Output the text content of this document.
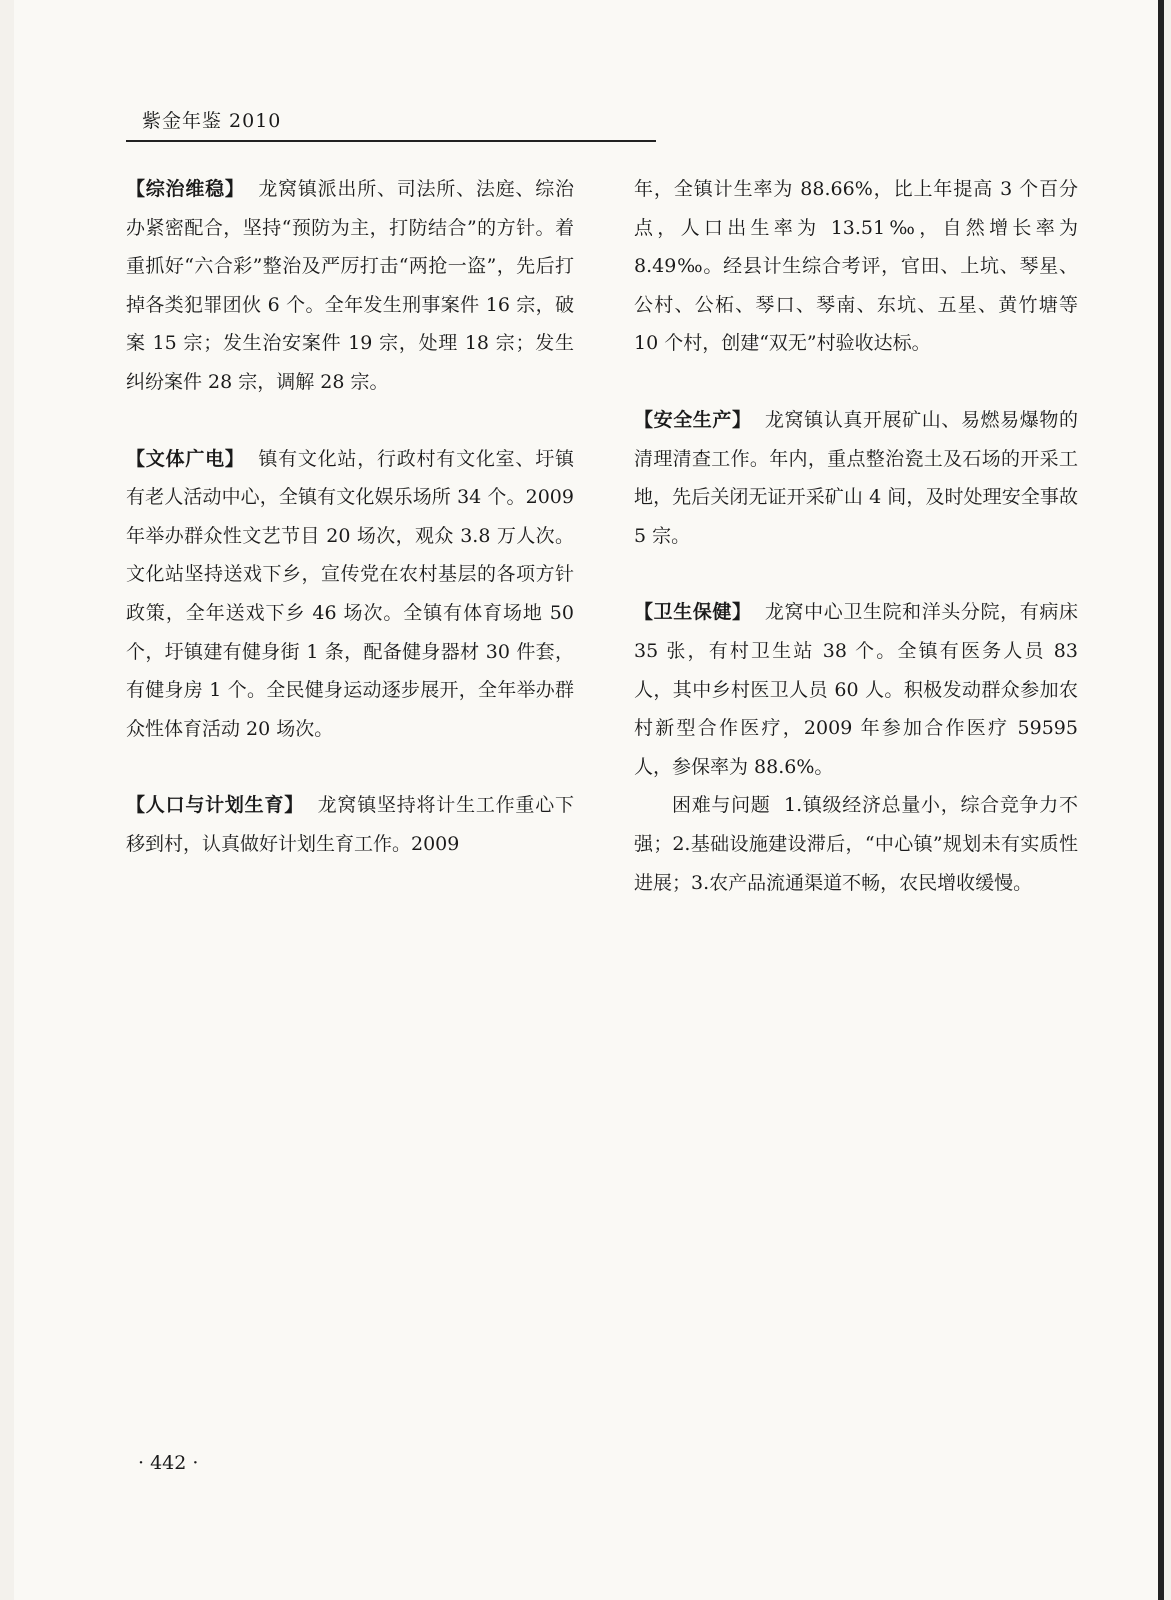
紫金年鉴 2010

【综治维稳】 龙窝镇派出所、司法所、法庭、综治办紧密配合，坚持“预防为主，打防结合”的方针。着重抓好“六合彩”整治及严厉打击“两抢一盗”，先后打掉各类犯罪团伙 6 个。全年发生刑事案件 16 宗，破案 15 宗；发生治安案件 19 宗，处理 18 宗；发生纠纷案件 28 宗，调解 28 宗。

【文体广电】 镇有文化站，行政村有文化室、圩镇有老人活动中心，全镇有文化娱乐场所 34 个。2009 年举办群众性文艺节目 20 场次，观众 3.8 万人次。文化站坚持送戏下乡，宣传党在农村基层的各项方针政策，全年送戏下乡 46 场次。全镇有体育场地 50 个，圩镇建有健身街 1 条，配备健身器材 30 件套，有健身房 1 个。全民健身运动逐步展开，全年举办群众性体育活动 20 场次。

【人口与计划生育】 龙窝镇坚持将计生工作重心下移到村，认真做好计划生育工作。2009

年，全镇计生率为 88.66%，比上年提高 3 个百分点，人口出生率为 13.51‰，自然增长率为 8.49‰。经县计生综合考评，官田、上坑、琴星、公村、公柘、琴口、琴南、东坑、五星、黄竹塘等 10 个村，创建“双无”村验收达标。

【安全生产】 龙窝镇认真开展矿山、易燃易爆物的清理清查工作。年内，重点整治瓷土及石场的开采工地，先后关闭无证开采矿山 4 间，及时处理安全事故 5 宗。

【卫生保健】 龙窝中心卫生院和洋头分院，有病床 35 张，有村卫生站 38 个。全镇有医务人员 83 人，其中乡村医卫人员 60 人。积极发动群众参加农村新型合作医疗，2009 年参加合作医疗 59595 人，参保率为 88.6%。

困难与问题 1.镇级经济总量小，综合竞争力不强；2.基础设施建设滞后，“中心镇”规划未有实质性进展；3.农产品流通渠道不畅，农民增收缓慢。

· 442 ·
